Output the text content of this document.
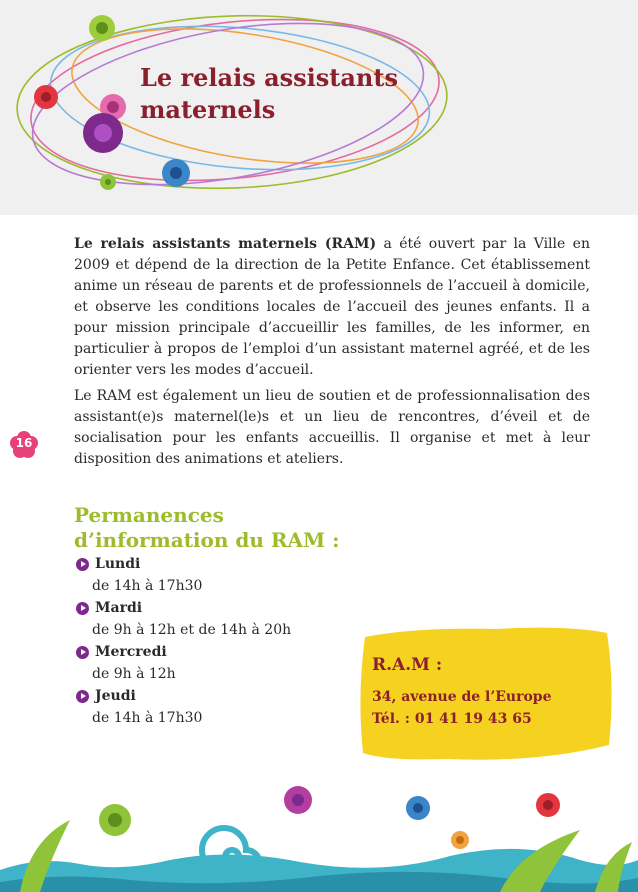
Le relais assistants
maternels

Le relais assistants maternels (RAM) a été ouvert par la Ville en 2009 et dépend de la direction de la Petite Enfance. Cet établissement anime un réseau de parents et de professionnels de l’accueil à domicile, et observe les conditions locales de l’accueil des jeunes enfants. Il a pour mission principale d’accueillir les familles, de les informer, en particulier à propos de l’emploi d’un assistant maternel agréé, et de les orienter vers les modes d’accueil.

Le RAM est également un lieu de soutien et de professionnalisation des assistant(e)s maternel(le)s et un lieu de rencontres, d’éveil et de socialisation pour les enfants accueillis. Il organise et met à leur disposition des animations et ateliers.

16
Permanences
d’information du RAM :
Lundi
de 14h à 17h30
Mardi
de 9h à 12h et de 14h à 20h
Mercredi
de 9h à 12h
Jeudi
de 14h à 17h30

R.A.M :

34, avenue de l’Europe

Tél. : 01 41 19 43 65
